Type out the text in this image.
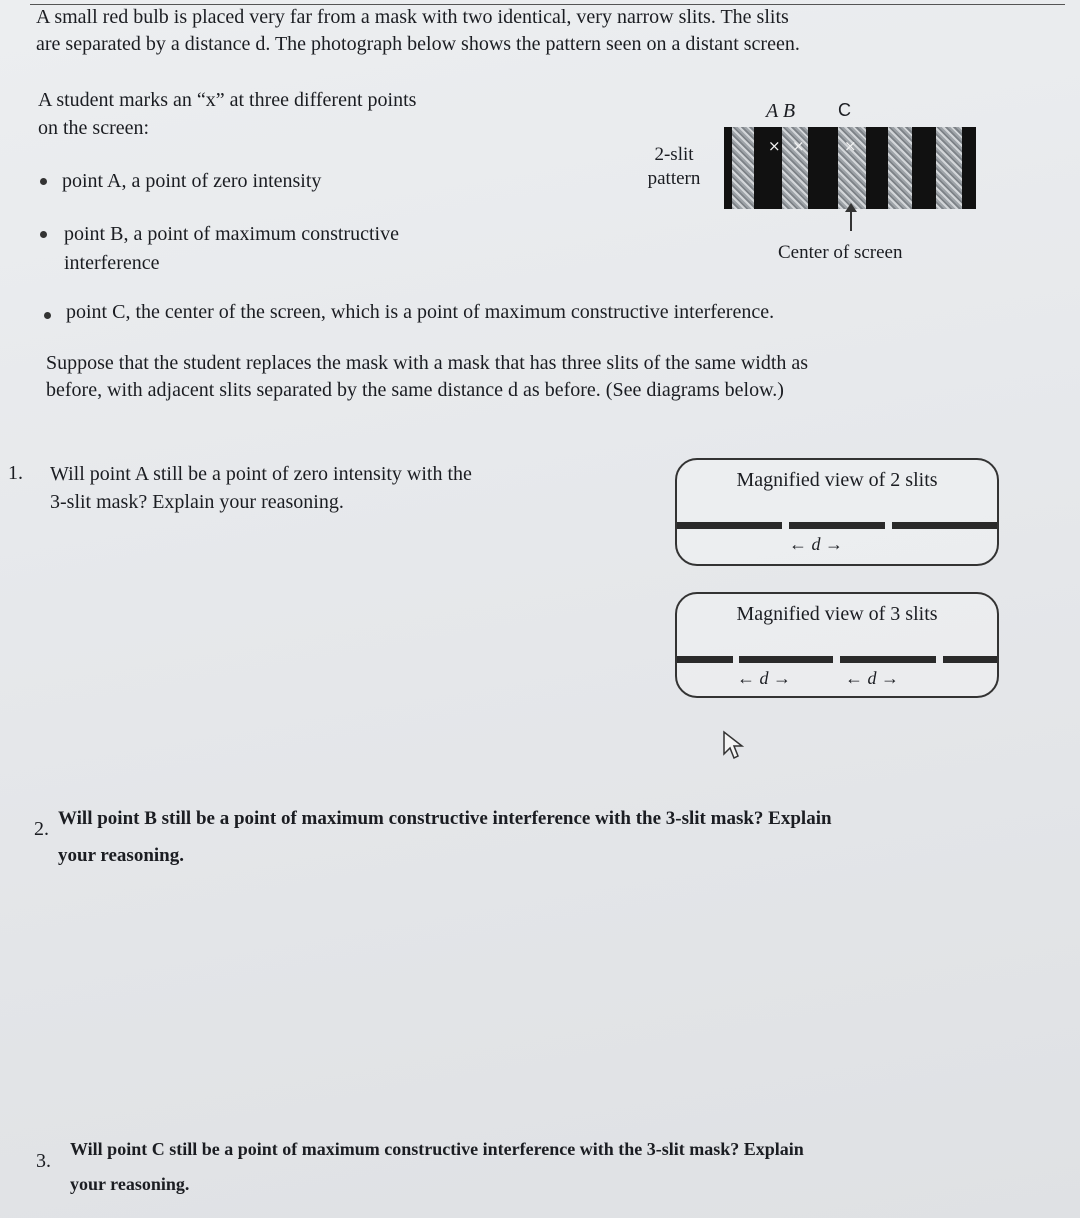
A small red bulb is placed very far from a mask with two identical, very narrow slits. The slits
are separated by a distance d. The photograph below shows the pattern seen on a distant screen.
A student marks an “x” at three different points
on the screen:
point A, a point of zero intensity
point B, a point of maximum constructive
interference
point C, the center of the screen, which is a point of maximum constructive interference.
2-slit
pattern
A B C
× ×	×
Center of screen
Suppose that the student replaces the mask with a mask that has three slits of the same width as
before, with adjacent slits separated by the same distance d as before. (See diagrams below.)
1. Will point A still be a point of zero intensity with the
3-slit mask? Explain your reasoning.
Magnified view of 2 slits
← d →
Magnified view of 3 slits
← d →	← d →
2. Will point B still be a point of maximum constructive interference with the 3-slit mask? Explain
your reasoning.
3.
Will point C still be a point of maximum constructive interference with the 3-slit mask? Explain
your reasoning.
